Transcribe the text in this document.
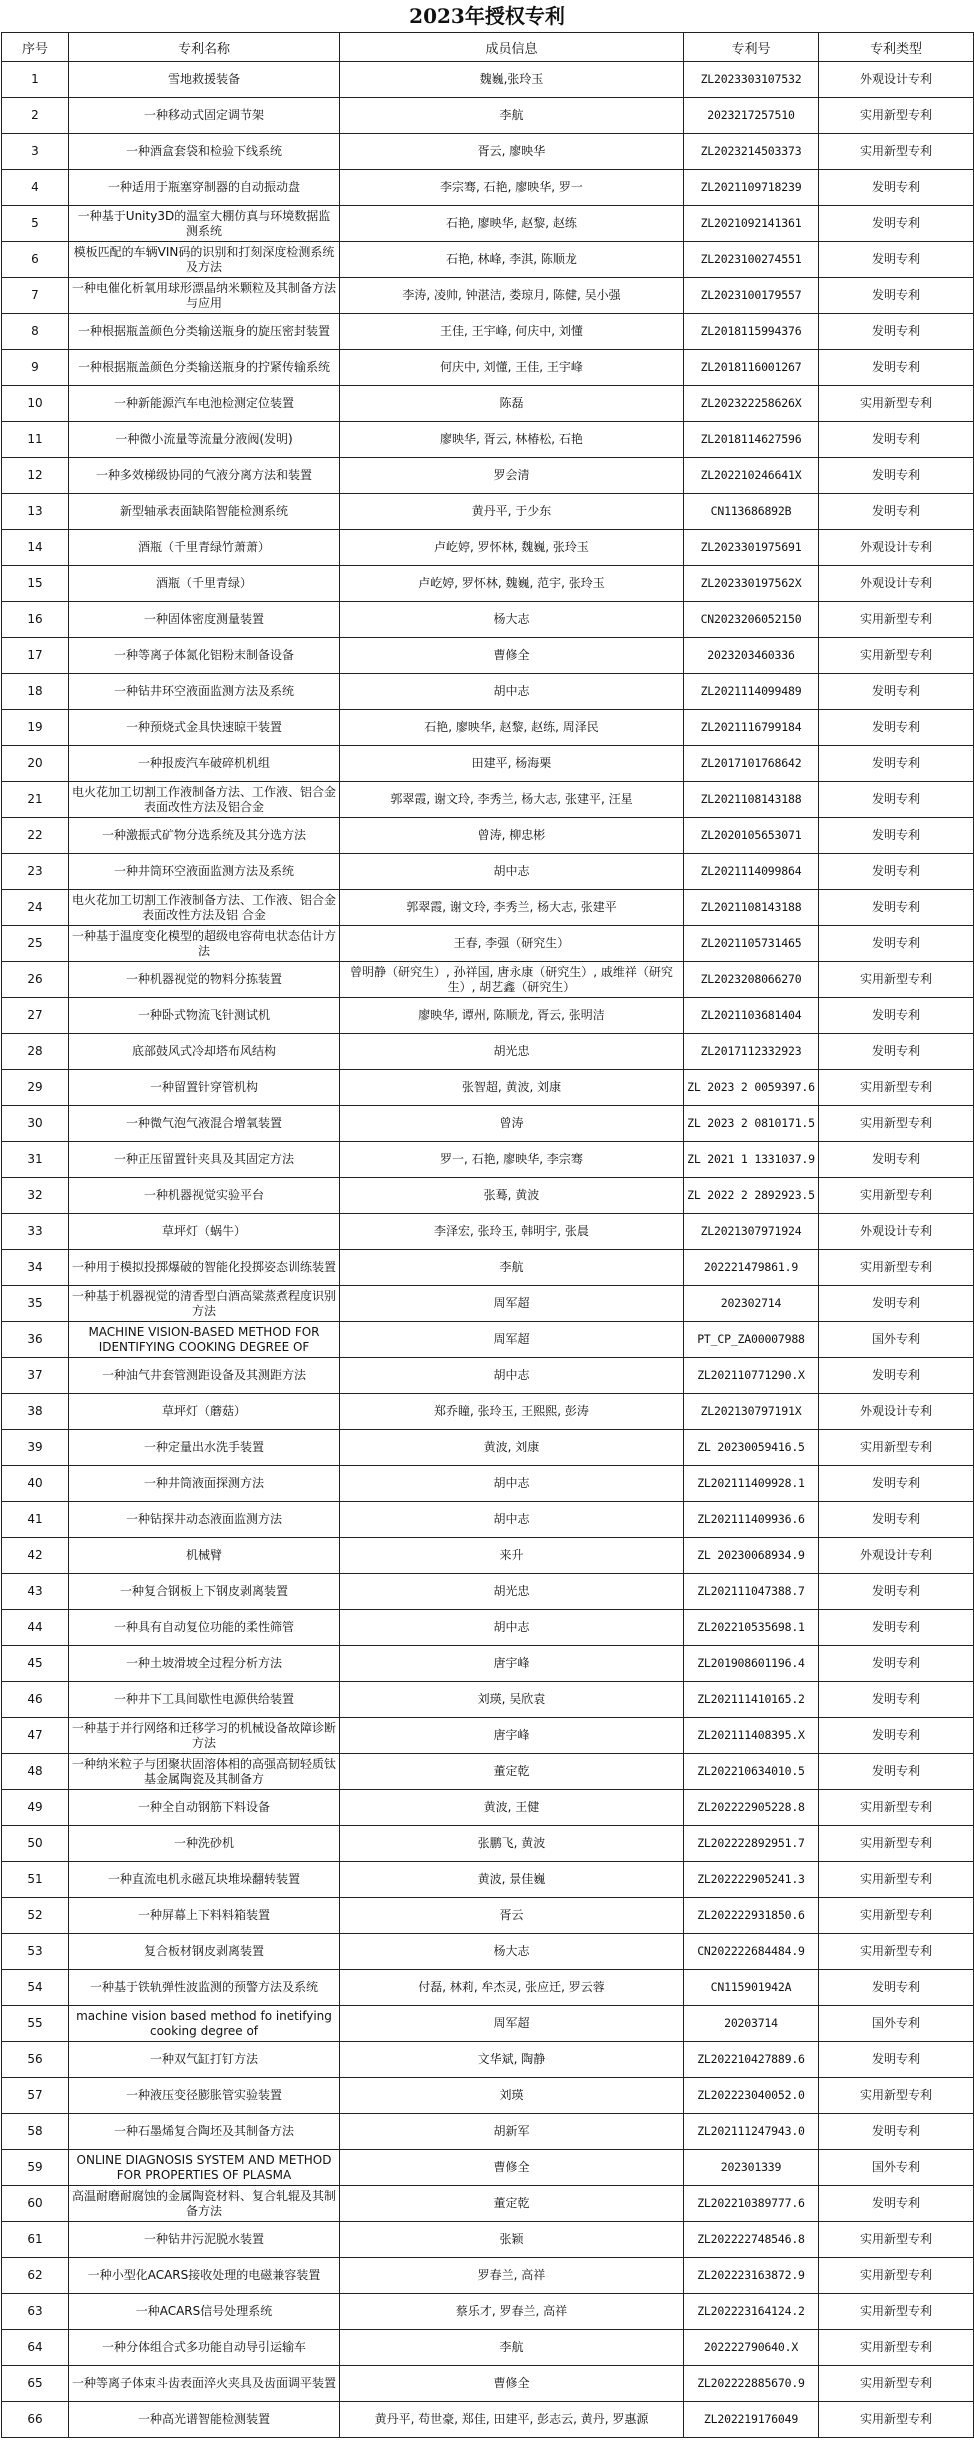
2023年授权专利
序号	专利名称	成员信息	专利号	专利类型
1	雪地救援装备	魏巍,张玲玉	ZL2023303107532	外观设计专利
2	一种移动式固定调节架	李航	2023217257510	实用新型专利
3	一种酒盒套袋和检验下线系统	胥云, 廖映华	ZL2023214503373	实用新型专利
4	一种适用于瓶塞穿制器的自动振动盘	李宗骞, 石艳, 廖映华, 罗一	ZL2021109718239	发明专利
5	一种基于Unity3D的温室大棚仿真与环境数据监测系统	石艳, 廖映华, 赵黎, 赵练	ZL2021092141361	发明专利
6	模板匹配的车辆VIN码的识别和打刻深度检测系统及方法	石艳, 林峰, 李淇, 陈顺龙	ZL2023100274551	发明专利
7	一种电催化析氧用球形漂晶纳米颗粒及其制备方法与应用	李涛, 凌帅, 钟湛洁, 娄琼月, 陈健, 吴小强	ZL2023100179557	发明专利
8	一种根据瓶盖颜色分类输送瓶身的旋压密封装置	王佳, 王宇峰, 何庆中, 刘懂	ZL2018115994376	发明专利
9	一种根据瓶盖颜色分类输送瓶身的拧紧传输系统	何庆中, 刘懂, 王佳, 王宇峰	ZL2018116001267	发明专利
10	一种新能源汽车电池检测定位装置	陈磊	ZL202322258626X	实用新型专利
11	一种微小流量等流量分液阀(发明)	廖映华, 胥云, 林椿松, 石艳	ZL2018114627596	发明专利
12	一种多效梯级协同的气液分离方法和装置	罗会清	ZL202210246641X	发明专利
13	新型轴承表面缺陷智能检测系统	黄丹平, 于少东	CN113686892B	发明专利
14	酒瓶（千里青绿竹萧萧）	卢屹婷, 罗怀林, 魏巍, 张玲玉	ZL2023301975691	外观设计专利
15	酒瓶（千里青绿）	卢屹婷, 罗怀林, 魏巍, 范宇, 张玲玉	ZL202330197562X	外观设计专利
16	一种固体密度测量装置	杨大志	CN2023206052150	实用新型专利
17	一种等离子体氮化铝粉末制备设备	曹修全	2023203460336	实用新型专利
18	一种钻井环空液面监测方法及系统	胡中志	ZL2021114099489	发明专利
19	一种预烧式金具快速晾干装置	石艳, 廖映华, 赵黎, 赵练, 周泽民	ZL2021116799184	发明专利
20	一种报废汽车破碎机机组	田建平, 杨海栗	ZL2017101768642	发明专利
21	电火花加工切割工作液制备方法、工作液、铝合金表面改性方法及铝合金	郭翠霞, 谢文玲, 李秀兰, 杨大志, 张建平, 汪星	ZL2021108143188	发明专利
22	一种激振式矿物分选系统及其分选方法	曾涛, 柳忠彬	ZL2020105653071	发明专利
23	一种井筒环空液面监测方法及系统	胡中志	ZL2021114099864	发明专利
24	电火花加工切割工作液制备方法、工作液、铝合金表面改性方法及铝 合金	郭翠霞, 谢文玲, 李秀兰, 杨大志, 张建平	ZL2021108143188	发明专利
25	一种基于温度变化模型的超级电容荷电状态估计方法	王春, 李强（研究生）	ZL2021105731465	发明专利
26	一种机器视觉的物料分拣装置	曾明静（研究生）, 孙祥国, 唐永康（研究生）, 戚维祥（研究生）, 胡艺鑫（研究生）	ZL2023208066270	实用新型专利
27	一种卧式物流飞针测试机	廖映华, 谭州, 陈顺龙, 胥云, 张明洁	ZL2021103681404	发明专利
28	底部鼓风式冷却塔布风结构	胡光忠	ZL2017112332923	发明专利
29	一种留置针穿管机构	张智超, 黄波, 刘康	ZL 2023 2 0059397.6	实用新型专利
30	一种微气泡气液混合增氧装置	曾涛	ZL 2023 2 0810171.5	实用新型专利
31	一种正压留置针夹具及其固定方法	罗一, 石艳, 廖映华, 李宗骞	ZL 2021 1 1331037.9	发明专利
32	一种机器视觉实验平台	张蓦, 黄波	ZL 2022 2 2892923.5	实用新型专利
33	草坪灯（蜗牛）	李泽宏, 张玲玉, 韩明宇, 张晨	ZL2021307971924	外观设计专利
34	一种用于模拟投掷爆破的智能化投掷姿态训练装置	李航	202221479861.9	实用新型专利
35	一种基于机器视觉的清香型白酒高粱蒸煮程度识别方法	周军超	202302714	发明专利
36	MACHINE VISION-BASED METHOD FOR IDENTIFYING COOKING DEGREE OF	周军超	PT_CP_ZA00007988	国外专利
37	一种油气井套管测距设备及其测距方法	胡中志	ZL202110771290.X	发明专利
38	草坪灯（蘑菇）	郑乔瞳, 张玲玉, 王熙熙, 彭涛	ZL202130797191X	外观设计专利
39	一种定量出水洗手装置	黄波, 刘康	ZL 20230059416.5	实用新型专利
40	一种井筒液面探测方法	胡中志	ZL202111409928.1	发明专利
41	一种钻探井动态液面监测方法	胡中志	ZL202111409936.6	发明专利
42	机械臂	来升	ZL 20230068934.9	外观设计专利
43	一种复合钢板上下钢皮剥离装置	胡光忠	ZL202111047388.7	发明专利
44	一种具有自动复位功能的柔性筛管	胡中志	ZL202210535698.1	发明专利
45	一种土坡滑坡全过程分析方法	唐宇峰	ZL201908601196.4	发明专利
46	一种井下工具间歇性电源供给装置	刘瑛, 吴欣袁	ZL202111410165.2	发明专利
47	一种基于并行网络和迁移学习的机械设备故障诊断方法	唐宇峰	ZL202111408395.X	发明专利
48	一种纳米粒子与团聚状固溶体相的高强高韧轻质钛基金属陶瓷及其制备方	董定乾	ZL202210634010.5	发明专利
49	一种全自动钢筋下料设备	黄波, 王健	ZL202222905228.8	实用新型专利
50	一种洗砂机	张鹏飞, 黄波	ZL202222892951.7	实用新型专利
51	一种直流电机永磁瓦块堆垛翻转装置	黄波, 景佳巍	ZL202222905241.3	实用新型专利
52	一种屏幕上下料料箱装置	胥云	ZL202222931850.6	实用新型专利
53	复合板材钢皮剥离装置	杨大志	CN202222684484.9	实用新型专利
54	一种基于铁轨弹性波监测的预警方法及系统	付磊, 林莉, 牟杰灵, 张应迁, 罗云蓉	CN115901942A	发明专利
55	machine vision based method fo inetifying cooking degree of	周军超	20203714	国外专利
56	一种双气缸打钉方法	文华斌, 陶静	ZL202210427889.6	发明专利
57	一种液压变径膨胀管实验装置	刘瑛	ZL202223040052.0	实用新型专利
58	一种石墨烯复合陶坯及其制备方法	胡新军	ZL202111247943.0	发明专利
59	ONLINE DIAGNOSIS SYSTEM AND METHOD FOR PROPERTIES OF PLASMA	曹修全	202301339	国外专利
60	高温耐磨耐腐蚀的金属陶瓷材料、复合轧辊及其制备方法	董定乾	ZL202210389777.6	发明专利
61	一种钻井污泥脱水装置	张颖	ZL202222748546.8	实用新型专利
62	一种小型化ACARS接收处理的电磁兼容装置	罗春兰, 高祥	ZL202223163872.9	实用新型专利
63	一种ACARS信号处理系统	蔡乐才, 罗春兰, 高祥	ZL202223164124.2	实用新型专利
64	一种分体组合式多功能自动导引运输车	李航	202222790640.X	实用新型专利
65	一种等离子体束斗齿表面淬火夹具及齿面调平装置	曹修全	ZL202222885670.9	实用新型专利
66	一种高光谱智能检测装置	黄丹平, 苟世豪, 郑佳, 田建平, 彭志云, 黄丹, 罗惠源	ZL202219176049	实用新型专利
